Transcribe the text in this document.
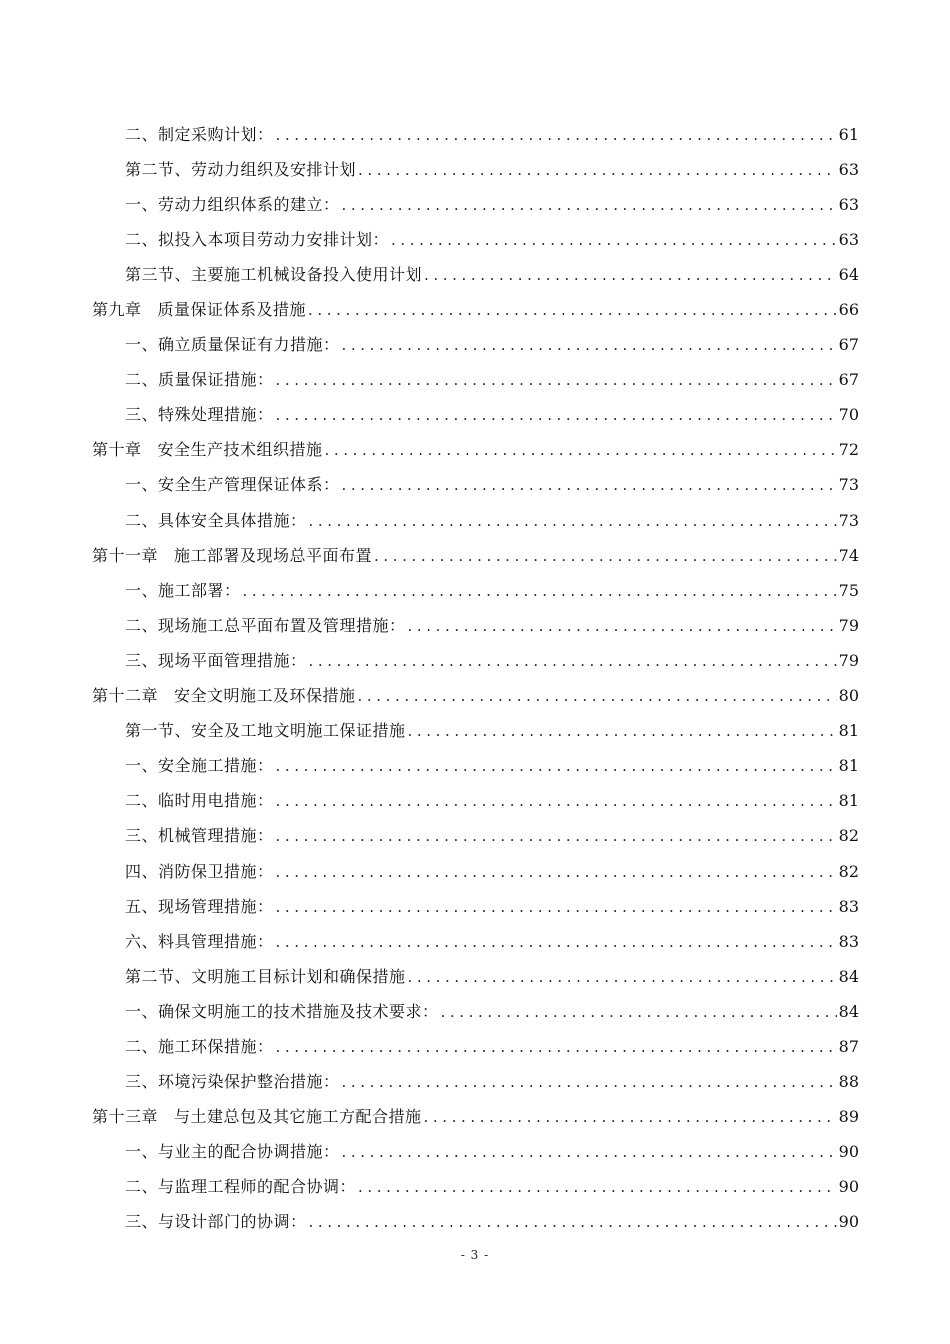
二、制定采购计划： .....	61
第二节、劳动力组织及安排计划 .....	63
一、劳动力组织体系的建立： .....	63
二、拟投入本项目劳动力安排计划： .....	63
第三节、主要施工机械设备投入使用计划 .....	64
第九章 质量保证体系及措施 .....	66
一、确立质量保证有力措施： .....	67
二、质量保证措施： .....	67
三、特殊处理措施： .....	70
第十章 安全生产技术组织措施 .....	72
一、安全生产管理保证体系： .....	73
二、具体安全具体措施： .....	73
第十一章 施工部署及现场总平面布置 .....	74
一、施工部署： .....	75
二、现场施工总平面布置及管理措施： .....	79
三、现场平面管理措施： .....	79
第十二章 安全文明施工及环保措施 .....	80
第一节、安全及工地文明施工保证措施 .....	81
一、安全施工措施： .....	81
二、临时用电措施： .....	81
三、机械管理措施： .....	82
四、消防保卫措施： .....	82
五、现场管理措施： .....	83
六、料具管理措施： .....	83
第二节、文明施工目标计划和确保措施 .....	84
一、确保文明施工的技术措施及技术要求： .....	84
二、施工环保措施： .....	87
三、环境污染保护整治措施： .....	88
第十三章 与土建总包及其它施工方配合措施 .....	89
一、与业主的配合协调措施： .....	90
二、与监理工程师的配合协调： .....	90
三、与设计部门的协调： .....	90
- 3 -
